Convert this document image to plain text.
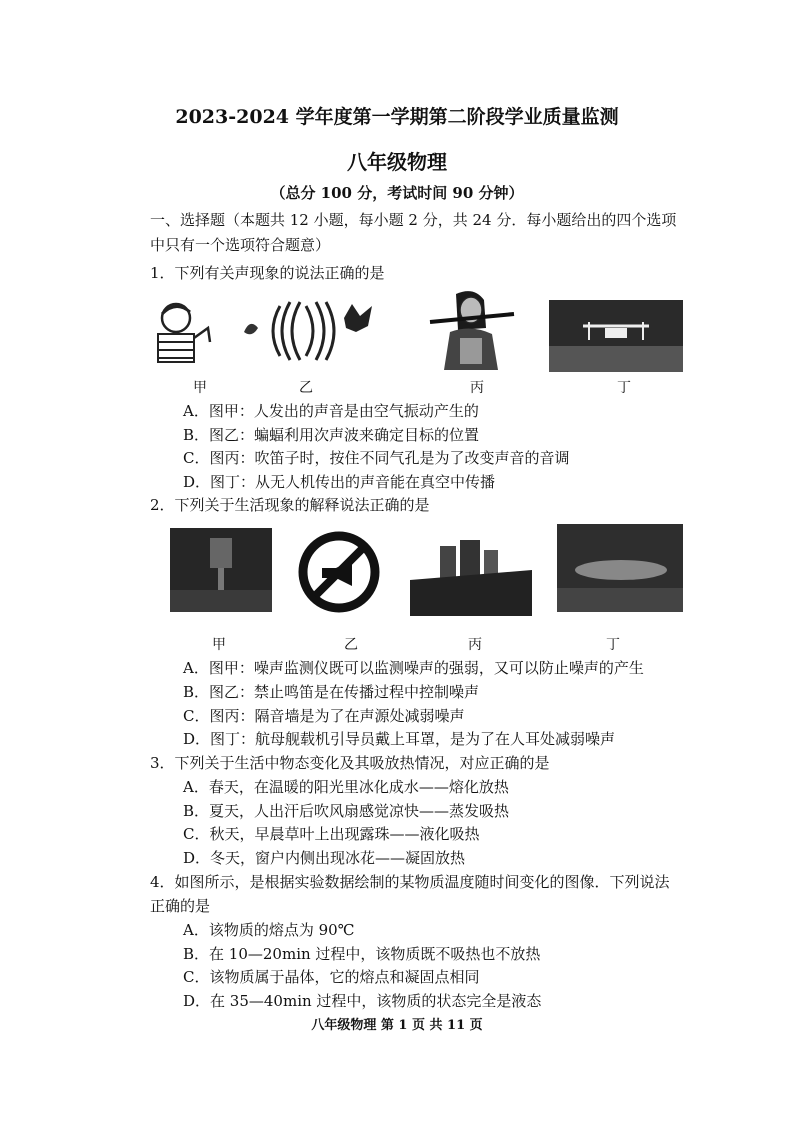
2023-2024 学年度第一学期第二阶段学业质量监测
八年级物理
（总分 100 分，考试时间 90 分钟）
一、选择题（本题共 12 小题，每小题 2 分，共 24 分．每小题给出的四个选项
中只有一个选项符合题意）
1．下列有关声现象的说法正确的是
甲	乙	丙	丁
A．图甲：人发出的声音是由空气振动产生的
B．图乙：蝙蝠利用次声波来确定目标的位置
C．图丙：吹笛子时，按住不同气孔是为了改变声音的音调
D．图丁：从无人机传出的声音能在真空中传播
2．下列关于生活现象的解释说法正确的是
甲	乙	丙	丁
A．图甲：噪声监测仪既可以监测噪声的强弱，又可以防止噪声的产生
B．图乙：禁止鸣笛是在传播过程中控制噪声
C．图丙：隔音墙是为了在声源处减弱噪声
D．图丁：航母舰载机引导员戴上耳罩，是为了在人耳处减弱噪声
3．下列关于生活中物态变化及其吸放热情况，对应正确的是
A．春天，在温暖的阳光里冰化成水——熔化放热
B．夏天，人出汗后吹风扇感觉凉快——蒸发吸热
C．秋天，早晨草叶上出现露珠——液化吸热
D．冬天，窗户内侧出现冰花——凝固放热
4．如图所示，是根据实验数据绘制的某物质温度随时间变化的图像．下列说法
正确的是
A．该物质的熔点为 90℃
B．在 10—20min 过程中，该物质既不吸热也不放热
C．该物质属于晶体，它的熔点和凝固点相同
D．在 35—40min 过程中，该物质的状态完全是液态
八年级物理 第 1 页 共 11 页
